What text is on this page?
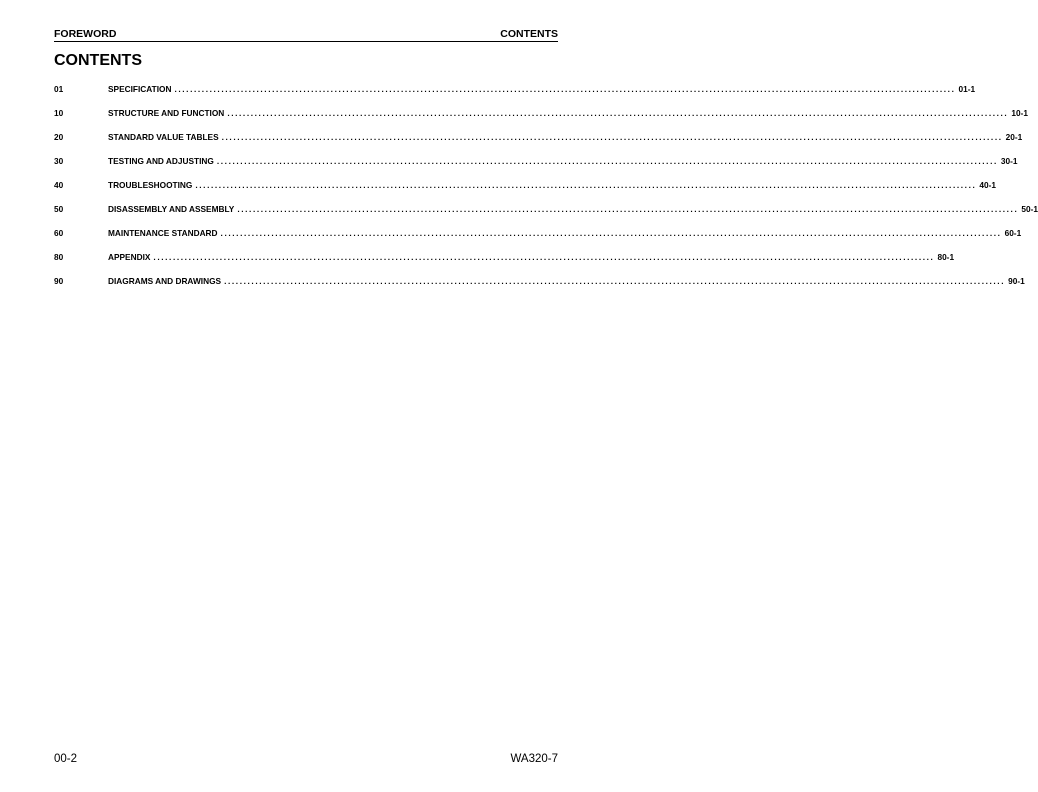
FOREWORD	CONTENTS
CONTENTS
01	SPECIFICATION ........................................................................................................................................................................................................ 01-1
10	STRUCTURE AND FUNCTION ........................................................................................................................................................................................................ 10-1
20	STANDARD VALUE TABLES ........................................................................................................................................................................................................ 20-1
30	TESTING AND ADJUSTING ........................................................................................................................................................................................................ 30-1
40	TROUBLESHOOTING ........................................................................................................................................................................................................ 40-1
50	DISASSEMBLY AND ASSEMBLY ........................................................................................................................................................................................................ 50-1
60	MAINTENANCE STANDARD ........................................................................................................................................................................................................ 60-1
80	APPENDIX ........................................................................................................................................................................................................ 80-1
90	DIAGRAMS AND DRAWINGS ........................................................................................................................................................................................................ 90-1
00-2	WA320-7
